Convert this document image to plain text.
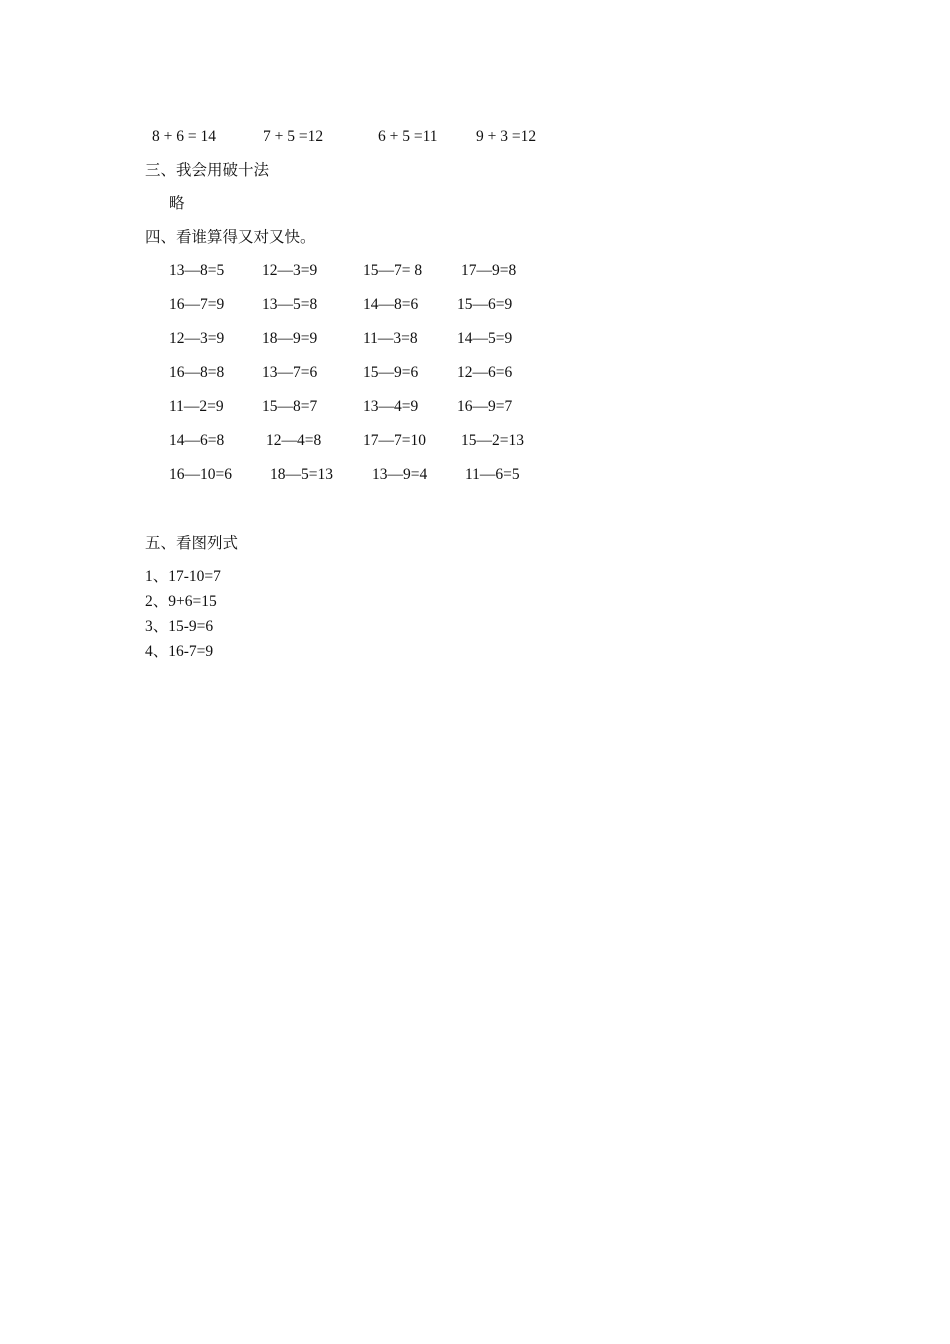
8 + 6 = 14	7 + 5 =12	6 + 5 =11 9 + 3 =12
三、我会用破十法
略
四、看谁算得又对又快。
13—8=5 12—3=9	15—7= 8	17—9=8
16—7=9 13—5=8	14—8=6	15—6=9
12—3=9 18—9=9	11—3=8	14—5=9
16—8=8 13—7=6	15—9=6	12—6=6
11—2=9 15—8=7	13—4=9	16—9=7
14—6=8	12—4=8	17—7=10 15—2=13
16—10=6 18—5=13	13—9=4 11—6=5
五、看图列式
1、17-10=7
2、9+6=15
3、15-9=6
4、16-7=9
